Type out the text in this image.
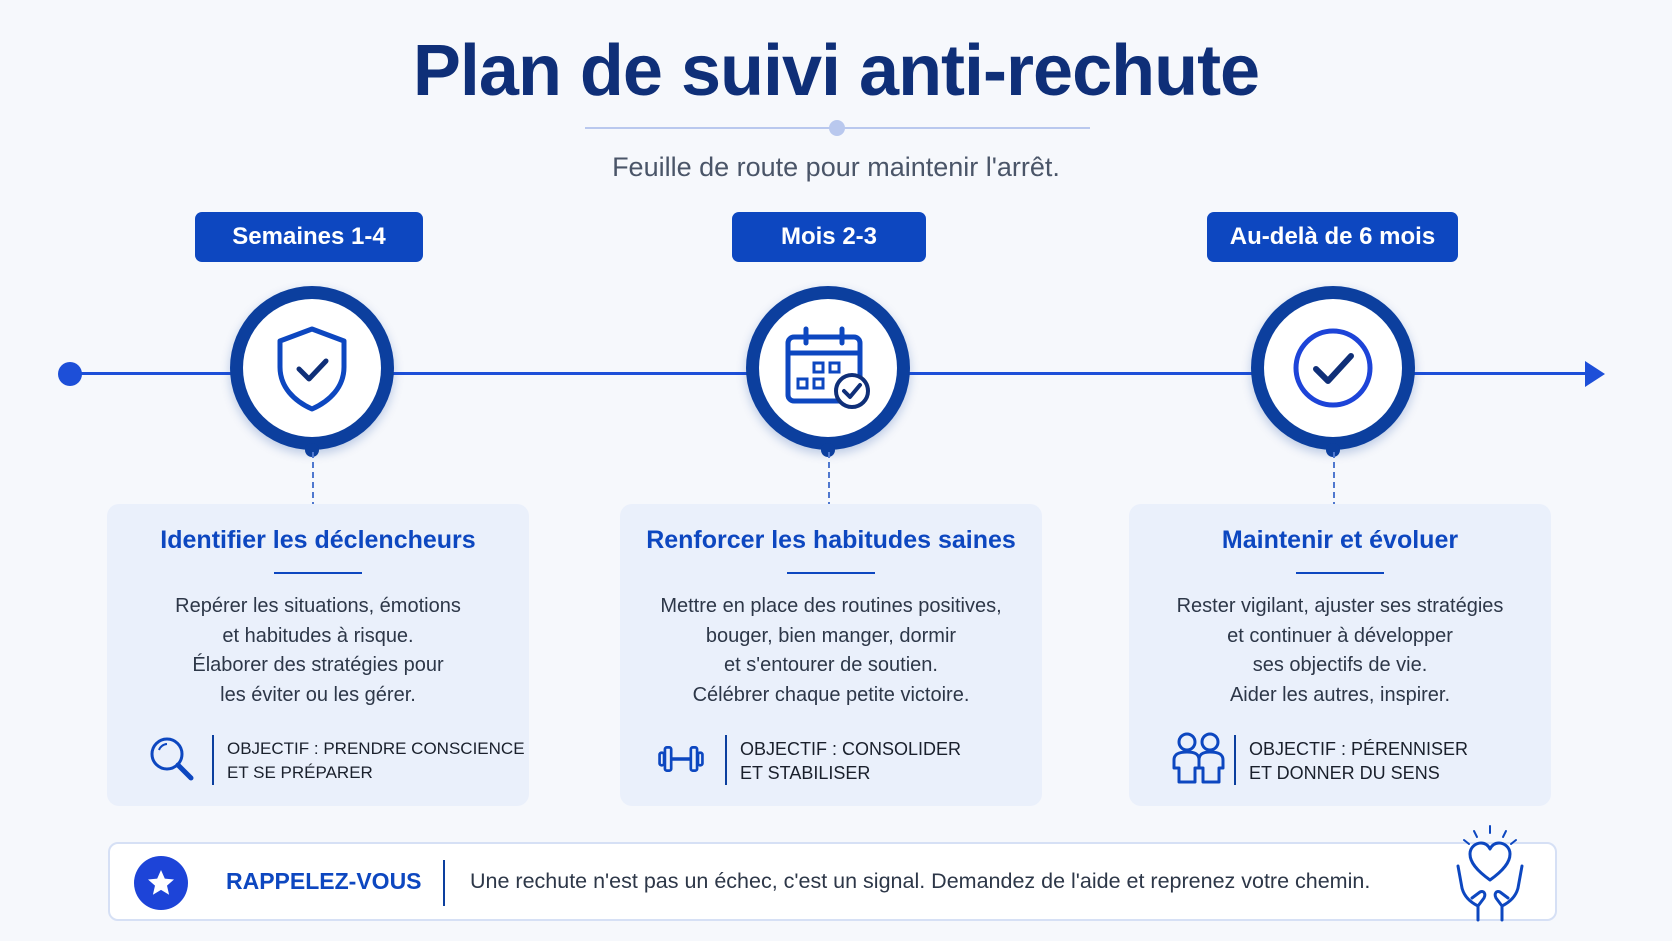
Plan de suivi anti-rechute
Feuille de route pour maintenir l'arrêt.
Semaines 1-4	Mois 2-3	Au-delà de 6 mois
Identifier les déclencheurs
Repérer les situations, émotions
et habitudes à risque.
Élaborer des stratégies pour
les éviter ou les gérer.
OBJECTIF : PRENDRE CONSCIENCE
ET SE PRÉPARER
Renforcer les habitudes saines
Mettre en place des routines positives,
bouger, bien manger, dormir
et s'entourer de soutien.
Célébrer chaque petite victoire.
OBJECTIF : CONSOLIDER
ET STABILISER
Maintenir et évoluer
Rester vigilant, ajuster ses stratégies
et continuer à développer
ses objectifs de vie.
Aider les autres, inspirer.
OBJECTIF : PÉRENNISER
ET DONNER DU SENS
RAPPELEZ-VOUS Une rechute n'est pas un échec, c'est un signal. Demandez de l'aide et reprenez votre chemin.
